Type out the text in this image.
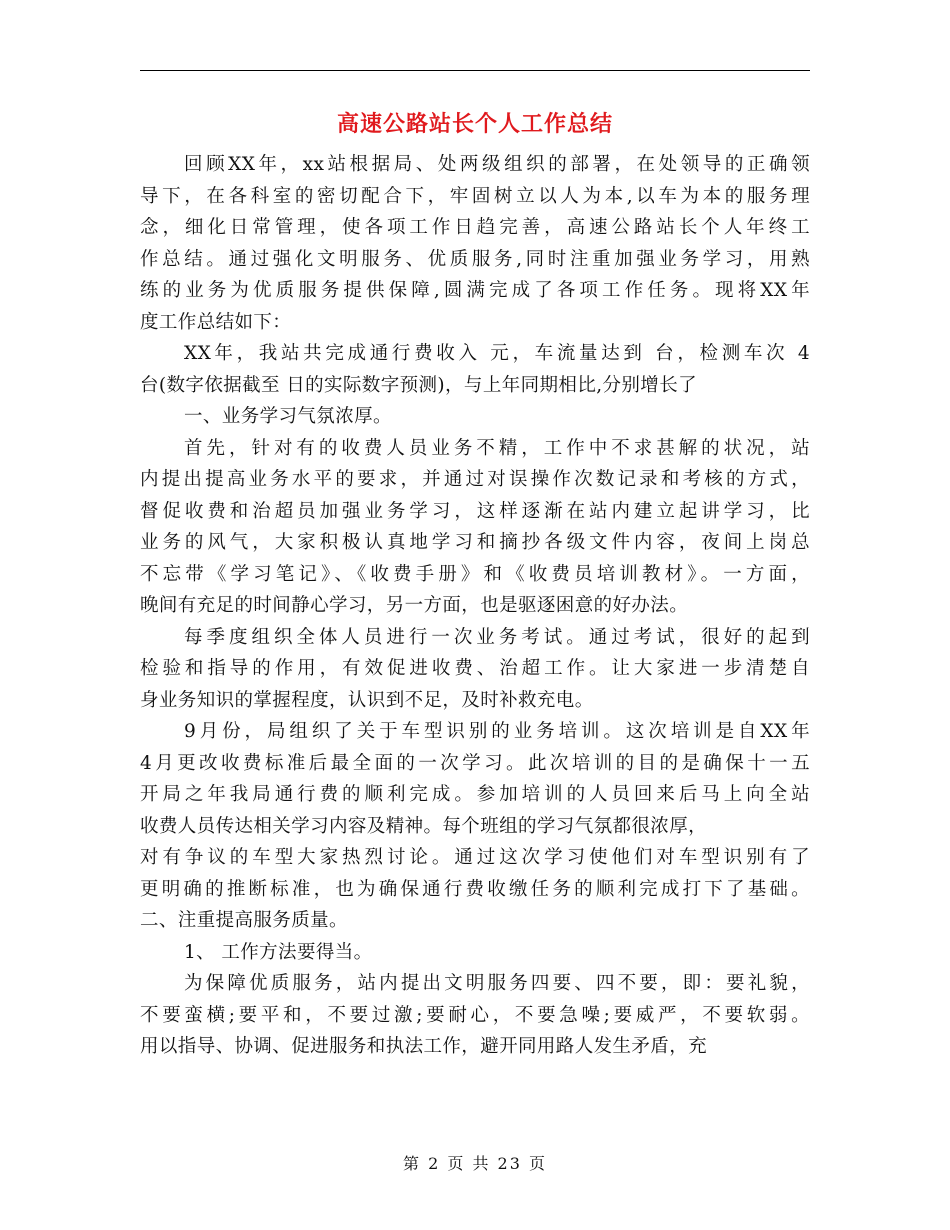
高速公路站长个人工作总结
回顾XX年，xx站根据局、处两级组织的部署，在处领导的正确领
导下，在各科室的密切配合下，牢固树立以人为本,以车为本的服务理
念，细化日常管理，使各项工作日趋完善，高速公路站长个人年终工
作总结。通过强化文明服务、优质服务,同时注重加强业务学习，用熟
练的业务为优质服务提供保障,圆满完成了各项工作任务。现将XX年
度工作总结如下：
XX年，我站共完成通行费收入 元，车流量达到 台，检测车次 4
台(数字依据截至 日的实际数字预测)，与上年同期相比,分别增长了
一、业务学习气氛浓厚。
首先，针对有的收费人员业务不精，工作中不求甚解的状况，站
内提出提高业务水平的要求，并通过对误操作次数记录和考核的方式，
督促收费和治超员加强业务学习，这样逐渐在站内建立起讲学习，比
业务的风气，大家积极认真地学习和摘抄各级文件内容，夜间上岗总
不忘带《学习笔记》、《收费手册》和《收费员培训教材》。一方面，
晚间有充足的时间静心学习，另一方面，也是驱逐困意的好办法。
每季度组织全体人员进行一次业务考试。通过考试，很好的起到
检验和指导的作用，有效促进收费、治超工作。让大家进一步清楚自
身业务知识的掌握程度，认识到不足，及时补救充电。
9月份，局组织了关于车型识别的业务培训。这次培训是自XX年
4月更改收费标准后最全面的一次学习。此次培训的目的是确保十一五
开局之年我局通行费的顺利完成。参加培训的人员回来后马上向全站
收费人员传达相关学习内容及精神。每个班组的学习气氛都很浓厚，
对有争议的车型大家热烈讨论。通过这次学习使他们对车型识别有了
更明确的推断标准，也为确保通行费收缴任务的顺利完成打下了基础。
二、注重提高服务质量。
1、 工作方法要得当。
为保障优质服务，站内提出文明服务四要、四不要，即：要礼貌，
不要蛮横;要平和，不要过激;要耐心，不要急噪;要威严，不要软弱。
用以指导、协调、促进服务和执法工作，避开同用路人发生矛盾，充
第 2 页 共 23 页
